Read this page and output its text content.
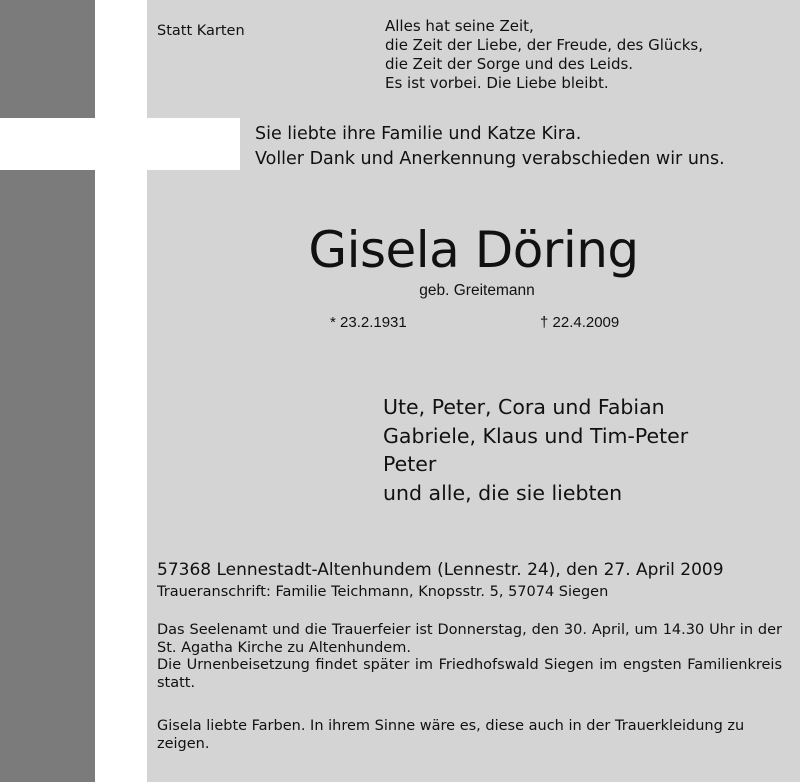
Statt Karten	Alles hat seine Zeit,
die Zeit der Liebe, der Freude, des Glücks,
die Zeit der Sorge und des Leids.
Es ist vorbei. Die Liebe bleibt.
Sie liebte ihre Familie und Katze Kira.
Voller Dank und Anerkennung verabschieden wir uns.
Gisela Döring
geb. Greitemann
* 23.2.1931	† 22.4.2009
Ute, Peter, Cora und Fabian
Gabriele, Klaus und Tim-Peter
Peter
und alle, die sie liebten
57368 Lennestadt-Altenhundem (Lennestr. 24), den 27. April 2009
Traueranschrift: Familie Teichmann, Knopsstr. 5, 57074 Siegen

Das Seelenamt und die Trauerfeier ist Donnerstag, den 30. April, um 14.30 Uhr in der St. Agatha Kirche zu Altenhundem.

Die Urnenbeisetzung findet später im Friedhofswald Siegen im engsten Familienkreis statt.

Gisela liebte Farben. In ihrem Sinne wäre es, diese auch in der Trauerkleidung zu zeigen.
